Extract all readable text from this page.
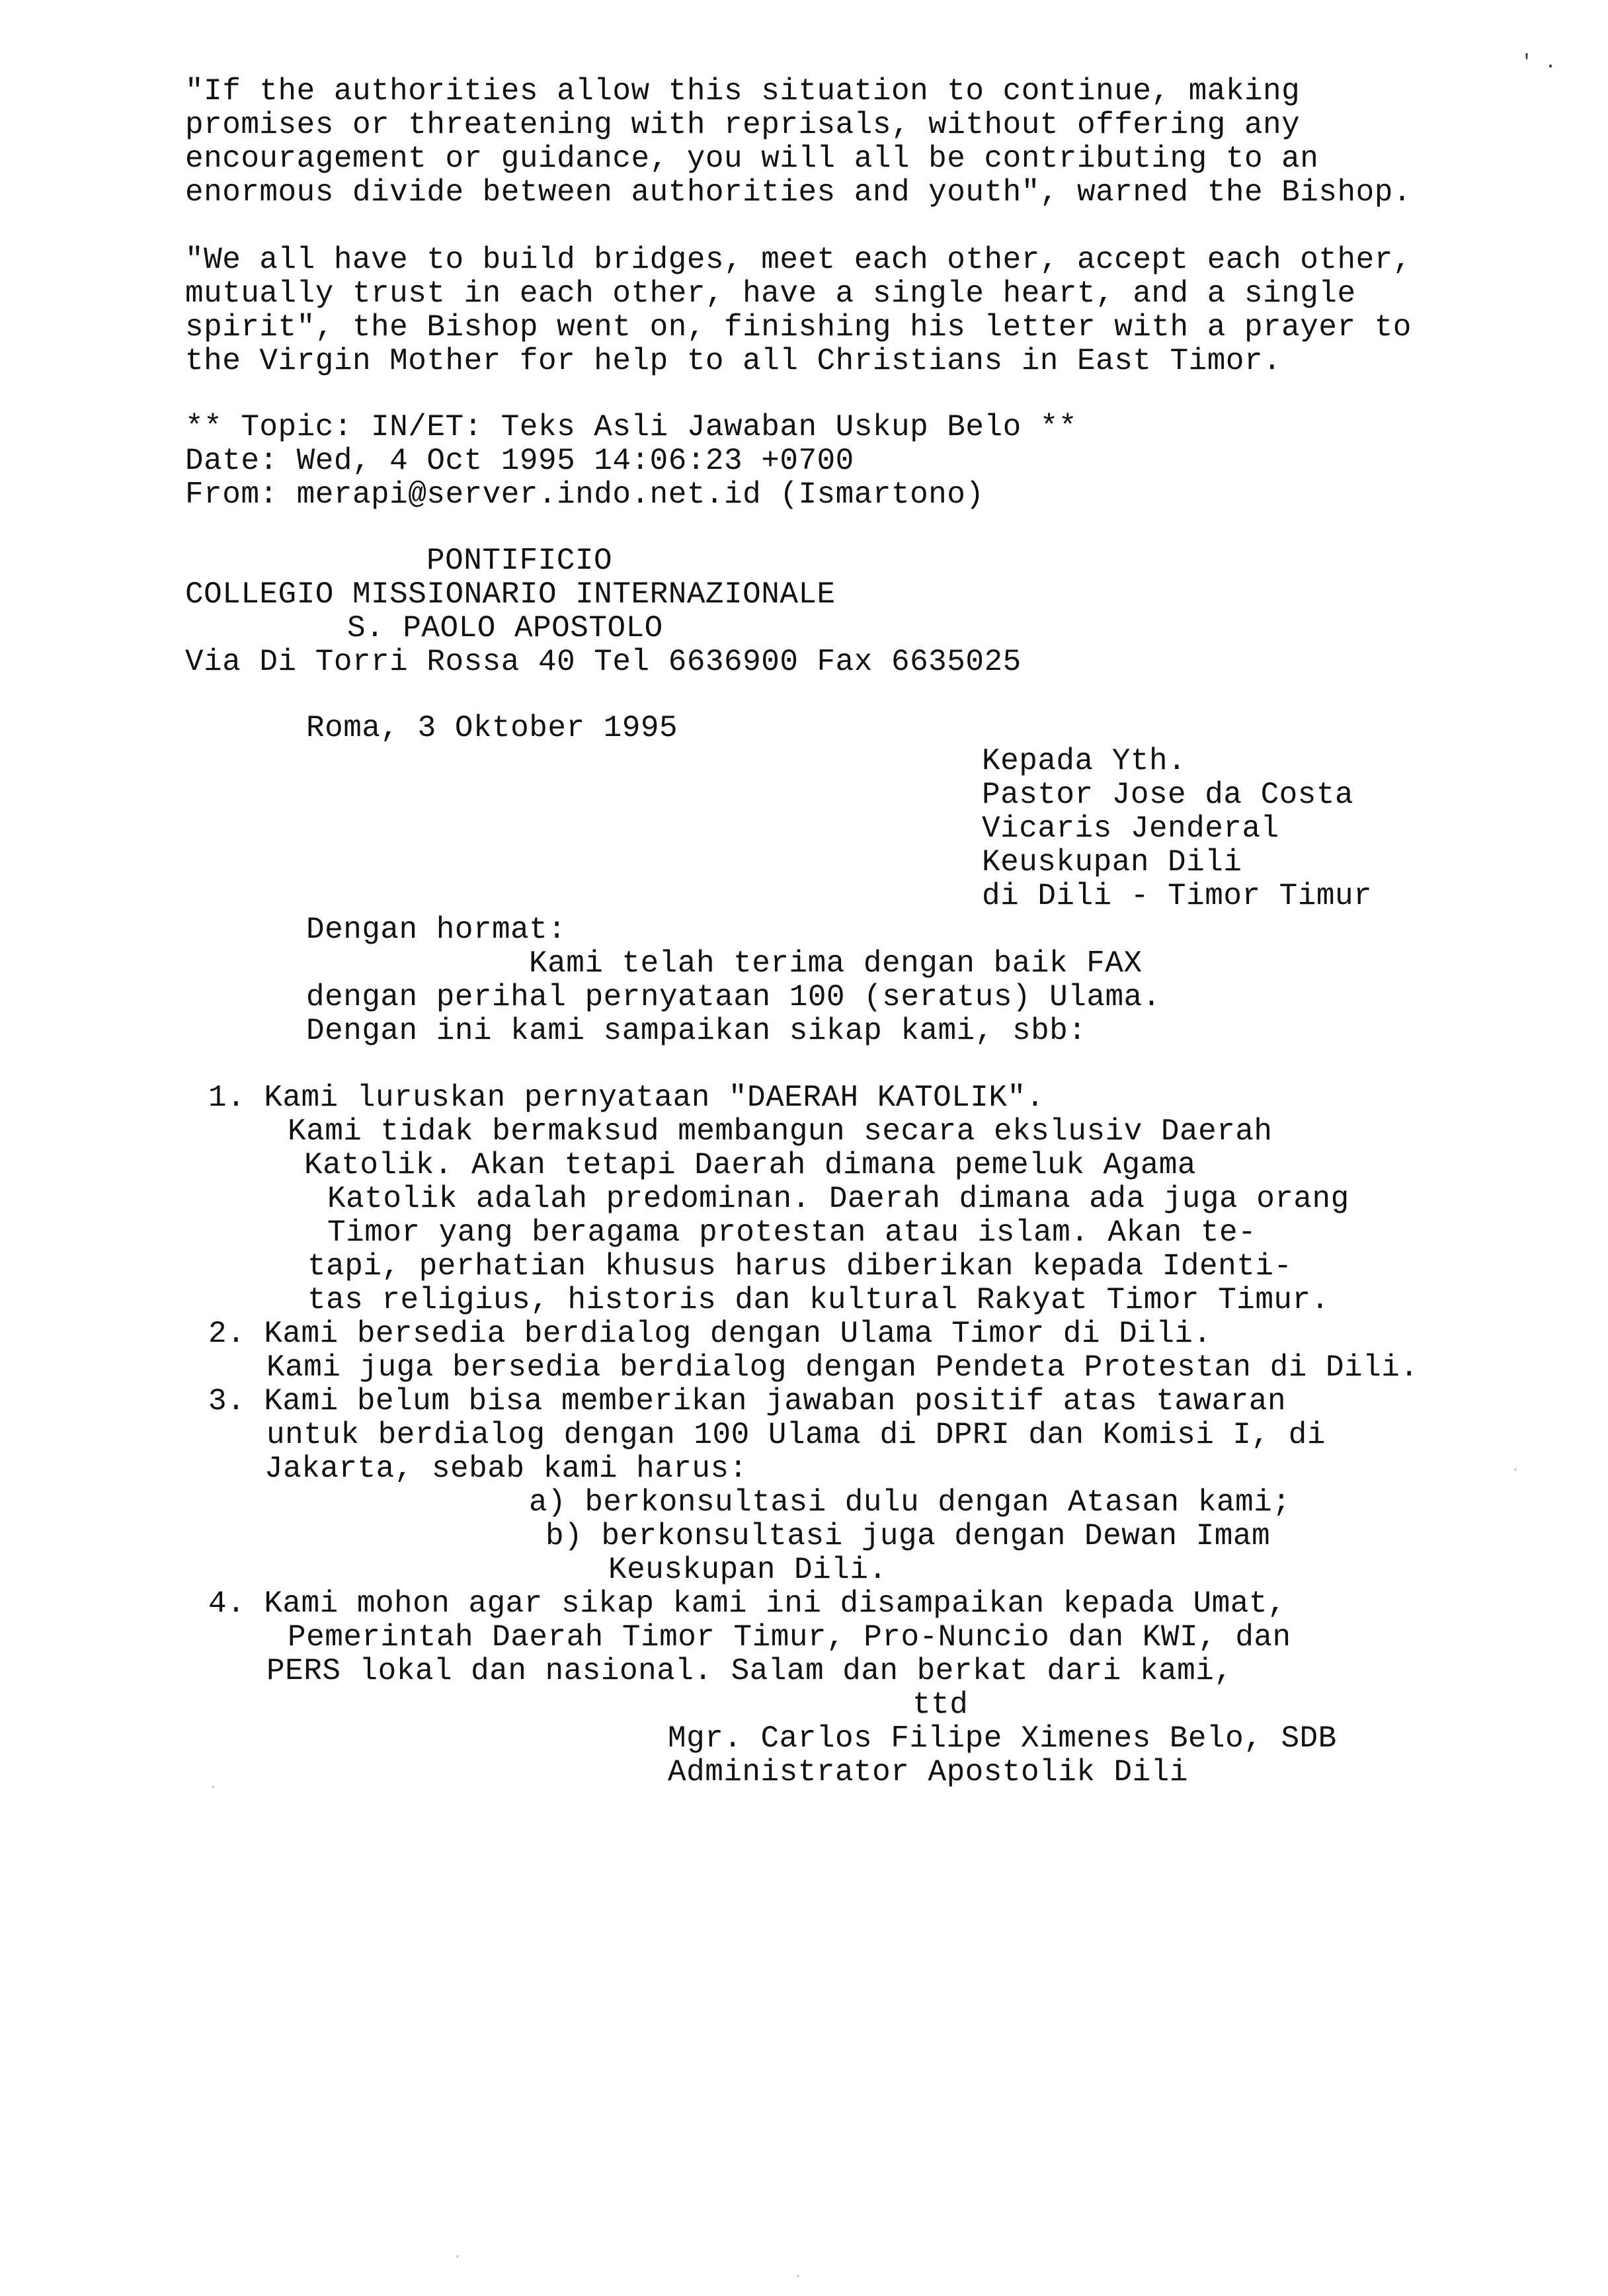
' .
"If the authorities allow this situation to continue, making
promises or threatening with reprisals, without offering any
encouragement or guidance, you will all be contributing to an
enormous divide between authorities and youth", warned the Bishop.
"We all have to build bridges, meet each other, accept each other,
mutually trust in each other, have a single heart, and a single
spirit", the Bishop went on, finishing his letter with a prayer to
the Virgin Mother for help to all Christians in East Timor.
** Topic: IN/ET: Teks Asli Jawaban Uskup Belo **
Date: Wed, 4 Oct 1995 14:06:23 +0700
From: merapi@server.indo.net.id (Ismartono)
PONTIFICIO
COLLEGIO MISSIONARIO INTERNAZIONALE
S. PAOLO APOSTOLO
Via Di Torri Rossa 40 Tel 6636900 Fax 6635025
Roma, 3 Oktober 1995
Kepada Yth.
Pastor Jose da Costa
Vicaris Jenderal
Keuskupan Dili
di Dili - Timor Timur
Dengan hormat:
Kami telah terima dengan baik FAX
dengan perihal pernyataan 100 (seratus) Ulama.
Dengan ini kami sampaikan sikap kami, sbb:
1. Kami luruskan pernyataan "DAERAH KATOLIK".
Kami tidak bermaksud membangun secara ekslusiv Daerah
Katolik. Akan tetapi Daerah dimana pemeluk Agama
Katolik adalah predominan. Daerah dimana ada juga orang
Timor yang beragama protestan atau islam. Akan te-
tapi, perhatian khusus harus diberikan kepada Identi-
tas religius, historis dan kultural Rakyat Timor Timur.
2. Kami bersedia berdialog dengan Ulama Timor di Dili.
Kami juga bersedia berdialog dengan Pendeta Protestan di Dili.
3. Kami belum bisa memberikan jawaban positif atas tawaran
untuk berdialog dengan 100 Ulama di DPRI dan Komisi I, di
Jakarta, sebab kami harus:
a) berkonsultasi dulu dengan Atasan kami;
b) berkonsultasi juga dengan Dewan Imam
Keuskupan Dili.
4. Kami mohon agar sikap kami ini disampaikan kepada Umat,
Pemerintah Daerah Timor Timur, Pro-Nuncio dan KWI, dan
PERS lokal dan nasional. Salam dan berkat dari kami,
ttd
Mgr. Carlos Filipe Ximenes Belo, SDB
Administrator Apostolik Dili
